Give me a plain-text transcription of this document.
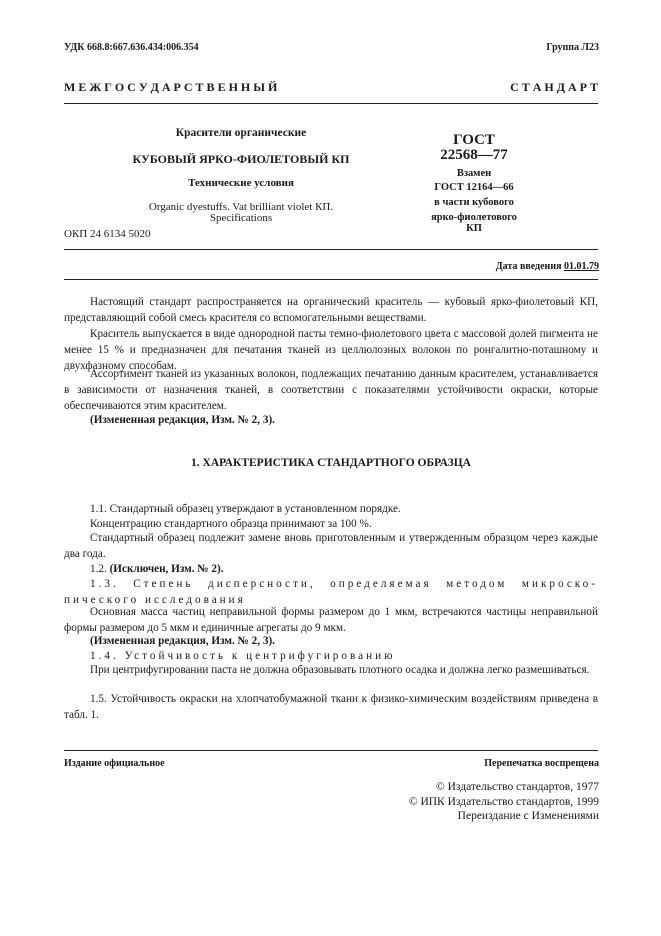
УДК 668.8:667.636.434:006.354	Группа Л23
М Е Ж Г О С У Д А Р С Т В Е Н Н Ы Й	С Т А Н Д А Р Т
Красители органические
КУБОВЫЙ ЯРКО-ФИОЛЕТОВЫЙ КП
Технические условия
Organic dyestuffs. Vat brilliant violet КП.
Specifications
ОКП 24 6134 5020
ГОСТ
22568—77
Взамен
ГОСТ 12164—66
в части кубового
ярко-фиолетового КП
Дата введения 01.01.79
Настоящий стандарт распространяется на органический краситель — кубовый ярко-фиолетовый КП, представляющий собой смесь красителя со вспомогательными веществами.
Краситель выпускается в виде однородной пасты темно-фиолетового цвета с массовой долей пигмента не менее 15 % и предназначен для печатания тканей из целлюлозных волокон по ронгалитно-поташному и двухфазному способам.
Ассортимент тканей из указанных волокон, подлежащих печатанию данным красителем, устанавливается в зависимости от назначения тканей, в соответствии с показателями устойчивости окраски, которые обеспечиваются этим красителем.
(Измененная редакция, Изм. № 2, 3).
1. ХАРАКТЕРИСТИКА СТАНДАРТНОГО ОБРАЗЦА
1.1. Стандартный образец утверждают в установленном порядке.
Концентрацию стандартного образца принимают за 100 %.
Стандартный образец подлежит замене вновь приготовленным и утвержденным образцом через каждые два года.
1.2. (Исключен, Изм. № 2).
1.3. Степень дисперсности, определяемая методом микроско-пического исследования
Основная масса частиц неправильной формы размером до 1 мкм, встречаются частицы неправильной формы размером до 5 мкм и единичные агрегаты до 9 мкм.
(Измененная редакция, Изм. № 2, 3).
1.4. Устойчивость к центрифугированию
При центрифугировании паста не должна образовывать плотного осадка и должна легко размешиваться.
1.5. Устойчивость окраски на хлопчатобумажной ткани к физико-химическим воздействиям приведена в табл. 1.
Издание официальное	Перепечатка воспрещена
© Издательство стандартов, 1977
© ИПК Издательство стандартов, 1999
Переиздание с Изменениями
